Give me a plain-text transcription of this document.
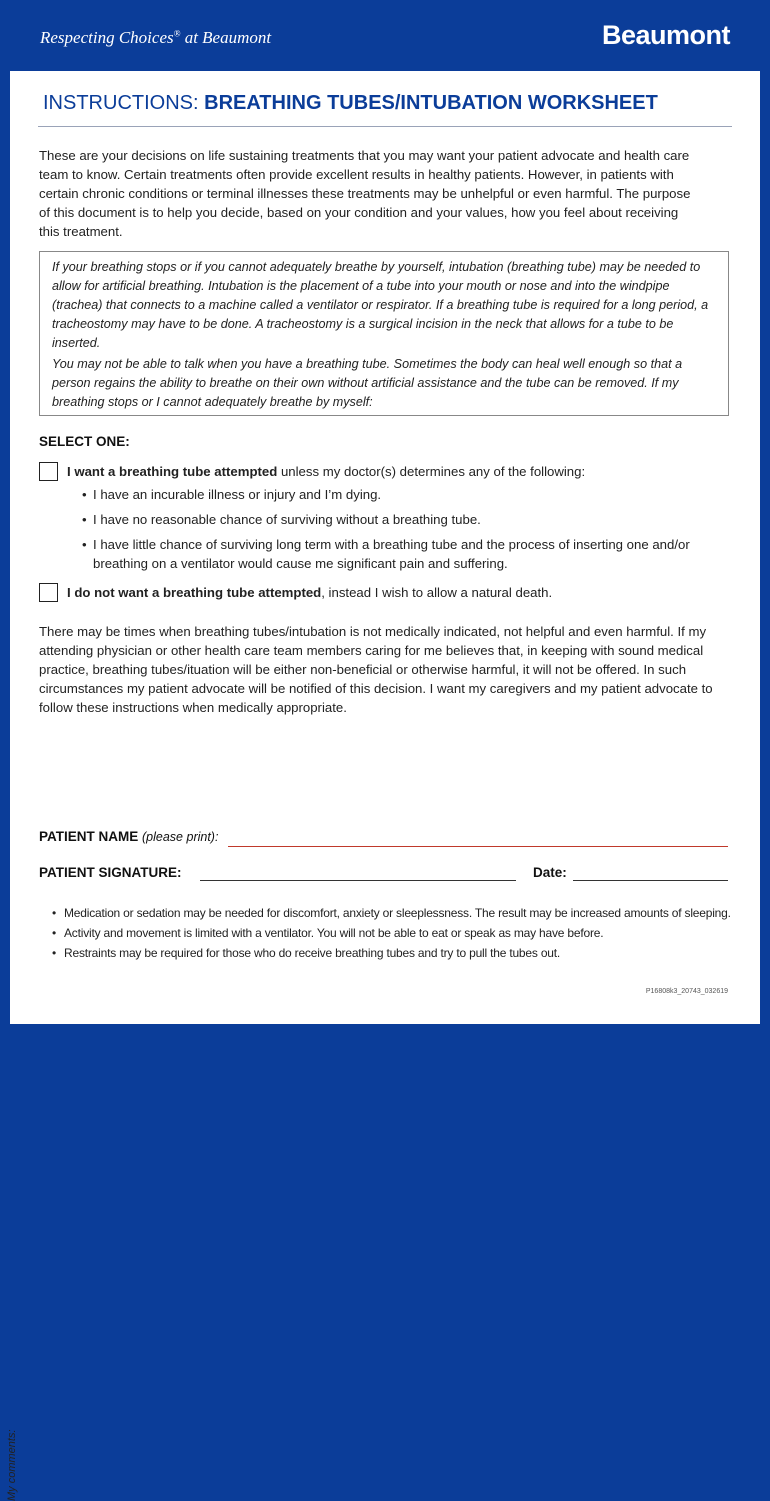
Respecting Choices® at Beaumont	Beaumont
INSTRUCTIONS: BREATHING TUBES/INTUBATION WORKSHEET
These are your decisions on life sustaining treatments that you may want your patient advocate and health care team to know. Certain treatments often provide excellent results in healthy patients. However, in patients with certain chronic conditions or terminal illnesses these treatments may be unhelpful or even harmful. The purpose of this document is to help you decide, based on your condition and your values, how you feel about receiving this treatment.

If your breathing stops or if you cannot adequately breathe by yourself, intubation (breathing tube) may be needed to allow for artificial breathing. Intubation is the placement of a tube into your mouth or nose and into the windpipe (trachea) that connects to a machine called a ventilator or respirator. If a breathing tube is required for a long period, a tracheostomy may have to be done. A tracheostomy is a surgical incision in the neck that allows for a tube to be inserted.

You may not be able to talk when you have a breathing tube. Sometimes the body can heal well enough so that a person regains the ability to breathe on their own without artificial assistance and the tube can be removed. If my breathing stops or I cannot adequately breathe by myself:

SELECT ONE:
I want a breathing tube attempted unless my doctor(s) determines any of the following:
• I have an incurable illness or injury and I’m dying.
• I have no reasonable chance of surviving without a breathing tube.
• I have little chance of surviving long term with a breathing tube and the process of inserting one and/or breathing on a ventilator would cause me significant pain and suffering.
I do not want a breathing tube attempted, instead I wish to allow a natural death.
There may be times when breathing tubes/intubation is not medically indicated, not helpful and even harmful. If my attending physician or other health care team members caring for me believes that, in keeping with sound medical practice, breathing tubes/ituation will be either non-beneficial or otherwise harmful, it will not be offered. In such circumstances my patient advocate will be notified of this decision. I want my caregivers and my patient advocate to follow these instructions when medically appropriate.
My comments:
PATIENT NAME (please print):
PATIENT SIGNATURE:	Date:
• Medication or sedation may be needed for discomfort, anxiety or sleeplessness. The result may be increased amounts of sleeping.
• Activity and movement is limited with a ventilator. You will not be able to eat or speak as may have before.
• Restraints may be required for those who do receive breathing tubes and try to pull the tubes out.
P16808k3_20743_032619
